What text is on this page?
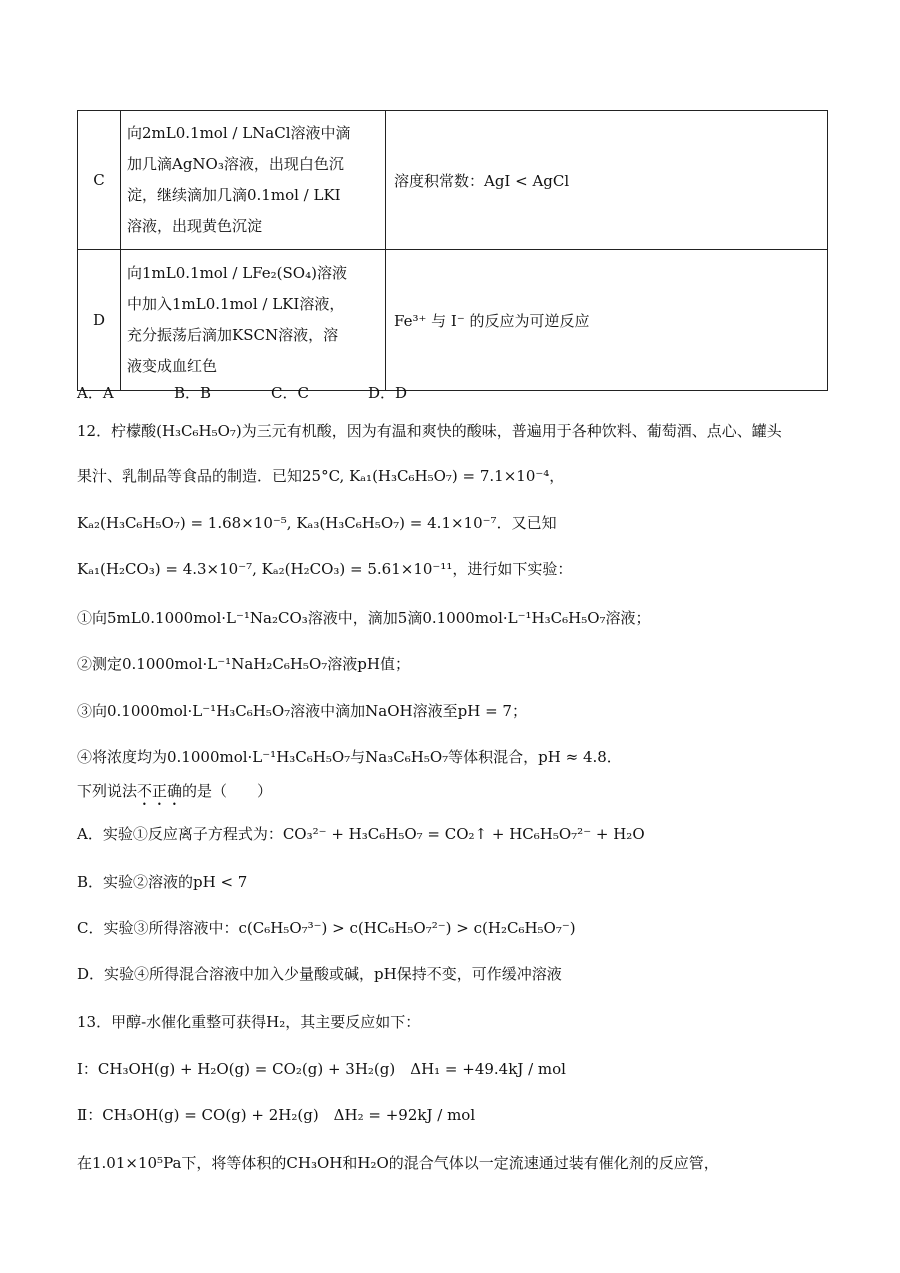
C	向2mL0.1mol / LNaCl溶液中滴
加几滴AgNO₃溶液，出现白色沉
淀，继续滴加几滴0.1mol / LKI
溶液，出现黄色沉淀	溶度积常数：AgI < AgCl
D	向1mL0.1mol / LFe₂(SO₄)溶液
中加入1mL0.1mol / LKI溶液，
充分振荡后滴加KSCN溶液，溶
液变成血红色	Fe³⁺ 与 I⁻ 的反应为可逆反应
A．A	B．B	C．C	D．D
12．柠檬酸(H₃C₆H₅O₇)为三元有机酸，因为有温和爽快的酸味，普遍用于各种饮料、葡萄酒、点心、罐头
果汁、乳制品等食品的制造．已知25°C, Kₐ₁(H₃C₆H₅O₇) = 7.1×10⁻⁴，
Kₐ₂(H₃C₆H₅O₇) = 1.68×10⁻⁵, Kₐ₃(H₃C₆H₅O₇) = 4.1×10⁻⁷．又已知
Kₐ₁(H₂CO₃) = 4.3×10⁻⁷, Kₐ₂(H₂CO₃) = 5.61×10⁻¹¹，进行如下实验：
①向5mL0.1000mol·L⁻¹Na₂CO₃溶液中，滴加5滴0.1000mol·L⁻¹H₃C₆H₅O₇溶液；
②测定0.1000mol·L⁻¹NaH₂C₆H₅O₇溶液pH值；
③向0.1000mol·L⁻¹H₃C₆H₅O₇溶液中滴加NaOH溶液至pH = 7；
④将浓度均为0.1000mol·L⁻¹H₃C₆H₅O₇与Na₃C₆H₅O₇等体积混合，pH ≈ 4.8．
下列说法不正确的是（　　）
A．实验①反应离子方程式为：CO₃²⁻ + H₃C₆H₅O₇ = CO₂↑ + HC₆H₅O₇²⁻ + H₂O
B．实验②溶液的pH < 7
C．实验③所得溶液中：c(C₆H₅O₇³⁻) > c(HC₆H₅O₇²⁻) > c(H₂C₆H₅O₇⁻)
D．实验④所得混合溶液中加入少量酸或碱，pH保持不变，可作缓冲溶液
13．甲醇-水催化重整可获得H₂，其主要反应如下：
Ⅰ：CH₃OH(g) + H₂O(g) = CO₂(g) + 3H₂(g)　ΔH₁ = +49.4kJ / mol
Ⅱ：CH₃OH(g) = CO(g) + 2H₂(g)　ΔH₂ = +92kJ / mol
在1.01×10⁵Pa下，将等体积的CH₃OH和H₂O的混合气体以一定流速通过装有催化剂的反应管，
